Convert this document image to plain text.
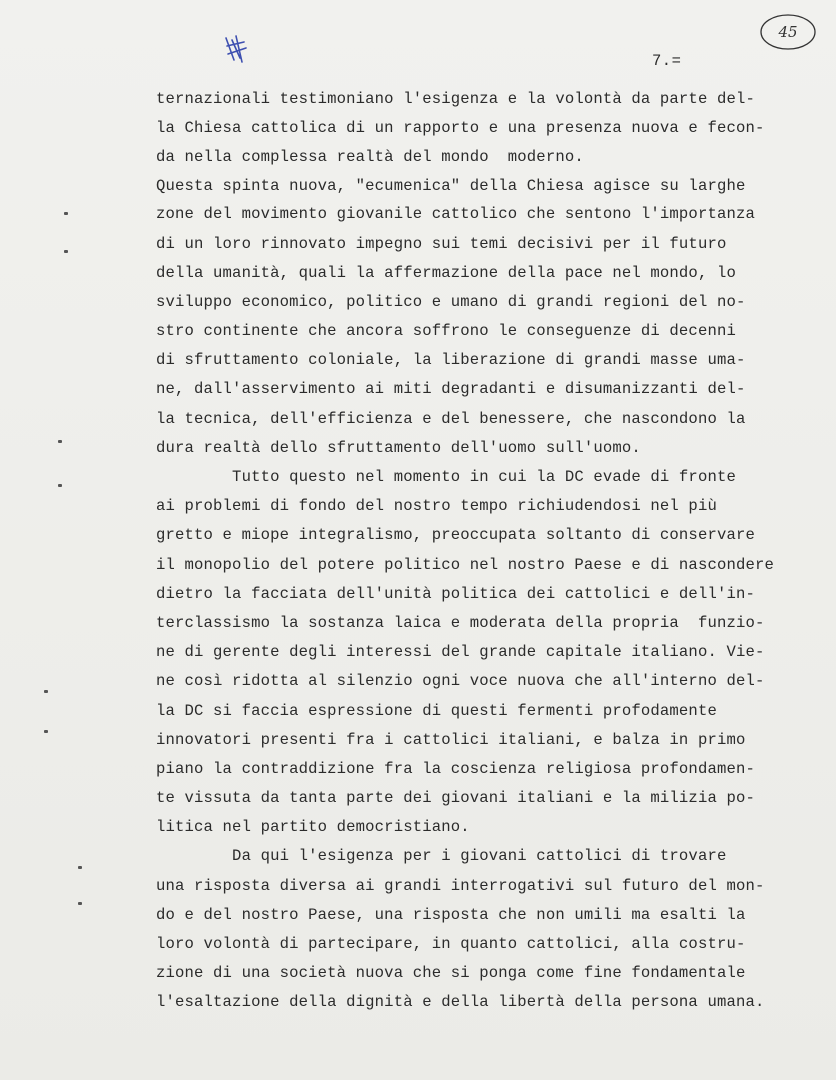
45
7.=
ternazionali testimoniano l'esigenza e la volontà da parte del-
la Chiesa cattolica di un rapporto e una presenza nuova e fecon-
da nella complessa realtà del mondo  moderno.
Questa spinta nuova, "ecumenica" della Chiesa agisce su larghe
zone del movimento giovanile cattolico che sentono l'importanza
di un loro rinnovato impegno sui temi decisivi per il futuro
della umanità, quali la affermazione della pace nel mondo, lo
sviluppo economico, politico e umano di grandi regioni del no-
stro continente che ancora soffrono le conseguenze di decenni
di sfruttamento coloniale, la liberazione di grandi masse uma-
ne, dall'asservimento ai miti degradanti e disumanizzanti del-
la tecnica, dell'efficienza e del benessere, che nascondono la
dura realtà dello sfruttamento dell'uomo sull'uomo.
Tutto questo nel momento in cui la DC evade di fronte
ai problemi di fondo del nostro tempo richiudendosi nel più
gretto e miope integralismo, preoccupata soltanto di conservare
il monopolio del potere politico nel nostro Paese e di nascondere
dietro la facciata dell'unità politica dei cattolici e dell'in-
terclassismo la sostanza laica e moderata della propria  funzio-
ne di gerente degli interessi del grande capitale italiano. Vie-
ne così ridotta al silenzio ogni voce nuova che all'interno del-
la DC si faccia espressione di questi fermenti profodamente
innovatori presenti fra i cattolici italiani, e balza in primo
piano la contraddizione fra la coscienza religiosa profondamen-
te vissuta da tanta parte dei giovani italiani e la milizia po-
litica nel partito democristiano.
Da qui l'esigenza per i giovani cattolici di trovare
una risposta diversa ai grandi interrogativi sul futuro del mon-
do e del nostro Paese, una risposta che non umili ma esalti la
loro volontà di partecipare, in quanto cattolici, alla costru-
zione di una società nuova che si ponga come fine fondamentale
l'esaltazione della dignità e della libertà della persona umana.
